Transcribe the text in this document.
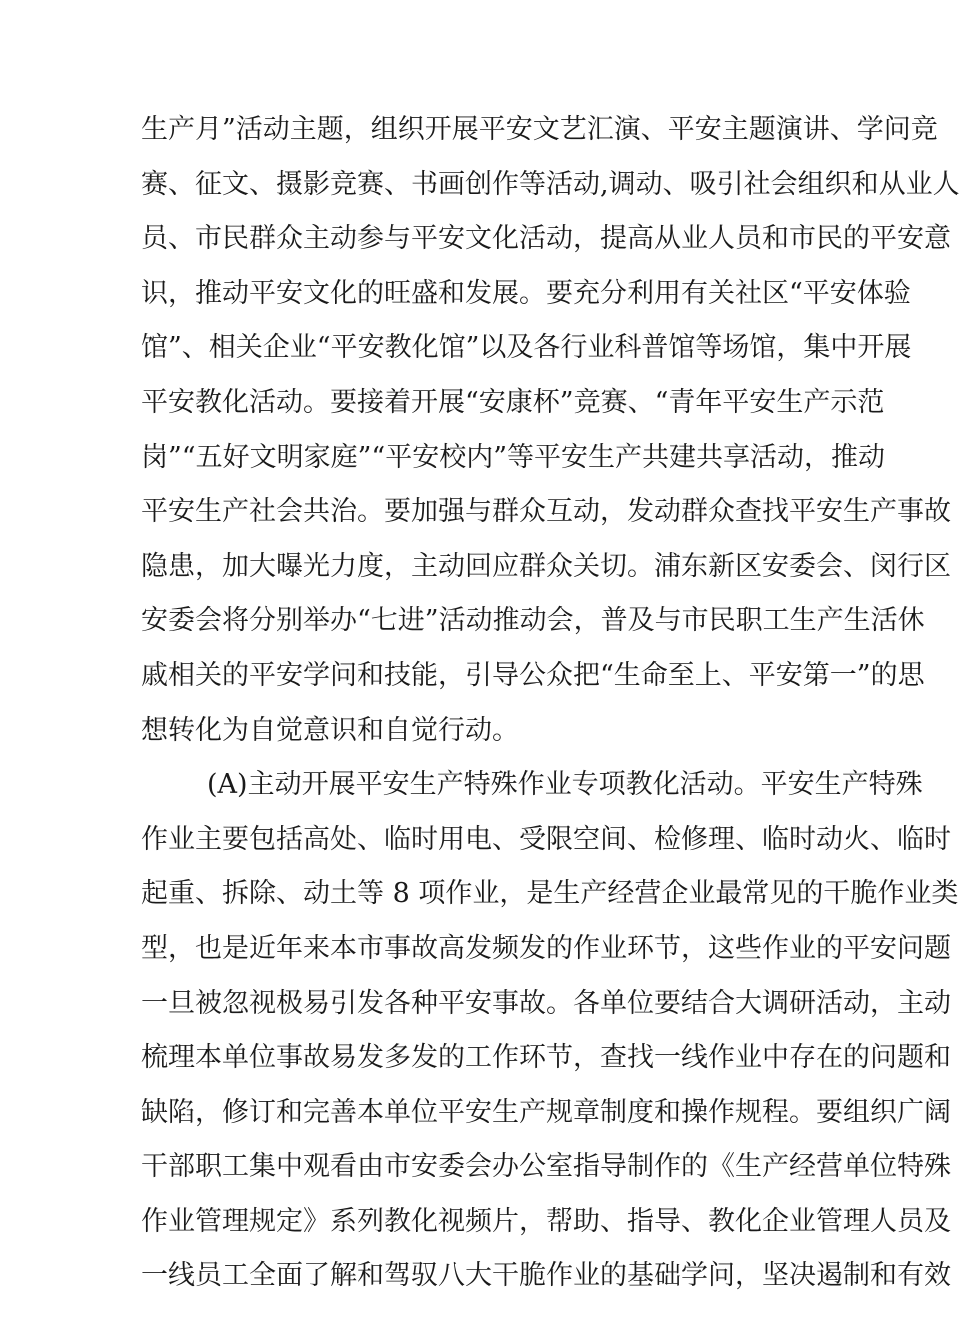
生产月”活动主题，组织开展平安文艺汇演、平安主题演讲、学问竞
赛、征文、摄影竞赛、书画创作等活动,调动、吸引社会组织和从业人
员、市民群众主动参与平安文化活动，提高从业人员和市民的平安意
识，推动平安文化的旺盛和发展。要充分利用有关社区“平安体验
馆”、相关企业“平安教化馆”以及各行业科普馆等场馆，集中开展
平安教化活动。要接着开展“安康杯”竞赛、“青年平安生产示范
岗”“五好文明家庭”“平安校内”等平安生产共建共享活动，推动
平安生产社会共治。要加强与群众互动，发动群众查找平安生产事故
隐患，加大曝光力度，主动回应群众关切。浦东新区安委会、闵行区
安委会将分别举办“七进”活动推动会，普及与市民职工生产生活休
戚相关的平安学问和技能，引导公众把“生命至上、平安第一”的思
想转化为自觉意识和自觉行动。
(A)主动开展平安生产特殊作业专项教化活动。平安生产特殊
作业主要包括高处、临时用电、受限空间、检修理、临时动火、临时
起重、拆除、动土等 8 项作业，是生产经营企业最常见的干脆作业类
型，也是近年来本市事故高发频发的作业环节，这些作业的平安问题
一旦被忽视极易引发各种平安事故。各单位要结合大调研活动，主动
梳理本单位事故易发多发的工作环节，查找一线作业中存在的问题和
缺陷，修订和完善本单位平安生产规章制度和操作规程。要组织广阔
干部职工集中观看由市安委会办公室指导制作的《生产经营单位特殊
作业管理规定》系列教化视频片，帮助、指导、教化企业管理人员及
一线员工全面了解和驾驭八大干脆作业的基础学问，坚决遏制和有效
